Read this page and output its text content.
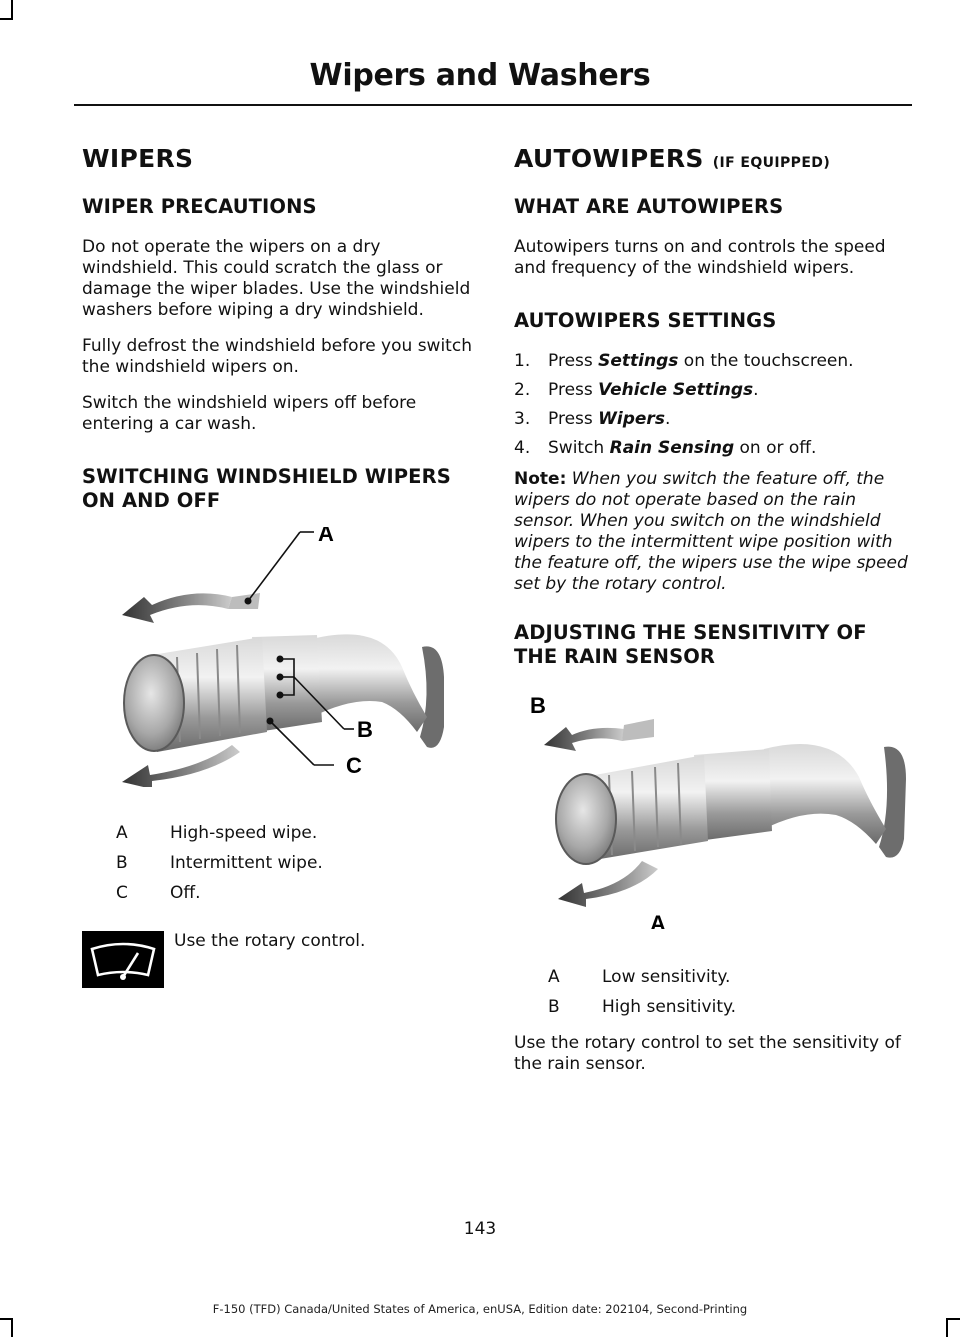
Wipers and Washers
WIPERS
WIPER PRECAUTIONS

Do not operate the wipers on a dry windshield. This could scratch the glass or damage the wiper blades. Use the windshield washers before wiping a dry windshield.

Fully defrost the windshield before you switch the windshield wipers on.

Switch the windshield wipers off before entering a car wash.

SWITCHING WINDSHIELD WIPERS ON AND OFF
A
B
C
A	High-speed wipe.
B	Intermittent wipe.
C	Off.
Use the rotary control.
AUTOWIPERS (IF EQUIPPED)
WHAT ARE AUTOWIPERS

Autowipers turns on and controls the speed and frequency of the windshield wipers.

AUTOWIPERS SETTINGS
1.	Press Settings on the touchscreen.
2.	Press Vehicle Settings.
3.	Press Wipers.
4.	Switch Rain Sensing on or off.
Note: When you switch the feature off, the wipers do not operate based on the rain sensor. When you switch on the windshield wipers to the intermittent wipe position with the feature off, the wipers use the wipe speed set by the rotary control.
ADJUSTING THE SENSITIVITY OF THE RAIN SENSOR
B
A
A	Low sensitivity.
B	High sensitivity.

Use the rotary control to set the sensitivity of the rain sensor.

143
F-150 (TFD) Canada/United States of America, enUSA, Edition date: 202104, Second-Printing
